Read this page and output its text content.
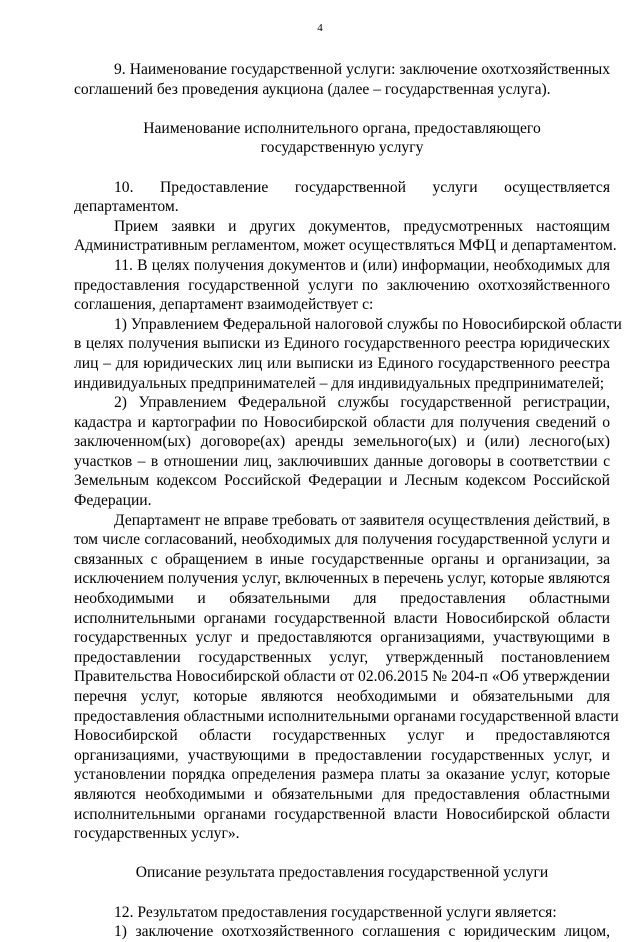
4
9. Наименование государственной услуги: заключение охотхозяйственных
соглашений без проведения аукциона (далее – государственная услуга).
Наименование исполнительного органа, предоставляющего
государственную услугу
10. Предоставление государственной услуги осуществляется
департаментом.
Прием заявки и других документов, предусмотренных настоящим
Административным регламентом, может осуществляться МФЦ и департаментом.
11. В целях получения документов и (или) информации, необходимых для
предоставления государственной услуги по заключению охотхозяйственного
соглашения, департамент взаимодействует с:
1) Управлением Федеральной налоговой службы по Новосибирской области
в целях получения выписки из Единого государственного реестра юридических
лиц – для юридических лиц или выписки из Единого государственного реестра
индивидуальных предпринимателей – для индивидуальных предпринимателей;
2) Управлением Федеральной службы государственной регистрации,
кадастра и картографии по Новосибирской области для получения сведений о
заключенном(ых) договоре(ах) аренды земельного(ых) и (или) лесного(ых)
участков – в отношении лиц, заключивших данные договоры в соответствии с
Земельным кодексом Российской Федерации и Лесным кодексом Российской
Федерации.
Департамент не вправе требовать от заявителя осуществления действий, в
том числе согласований, необходимых для получения государственной услуги и
связанных с обращением в иные государственные органы и организации, за
исключением получения услуг, включенных в перечень услуг, которые являются
необходимыми и обязательными для предоставления областными
исполнительными органами государственной власти Новосибирской области
государственных услуг и предоставляются организациями, участвующими в
предоставлении государственных услуг, утвержденный постановлением
Правительства Новосибирской области от 02.06.2015 № 204-п «Об утверждении
перечня услуг, которые являются необходимыми и обязательными для
предоставления областными исполнительными органами государственной власти
Новосибирской области государственных услуг и предоставляются
организациями, участвующими в предоставлении государственных услуг, и
установлении порядка определения размера платы за оказание услуг, которые
являются необходимыми и обязательными для предоставления областными
исполнительными органами государственной власти Новосибирской области
государственных услуг».
Описание результата предоставления государственной услуги
12. Результатом предоставления государственной услуги является:
1) заключение охотхозяйственного соглашения с юридическим лицом,
